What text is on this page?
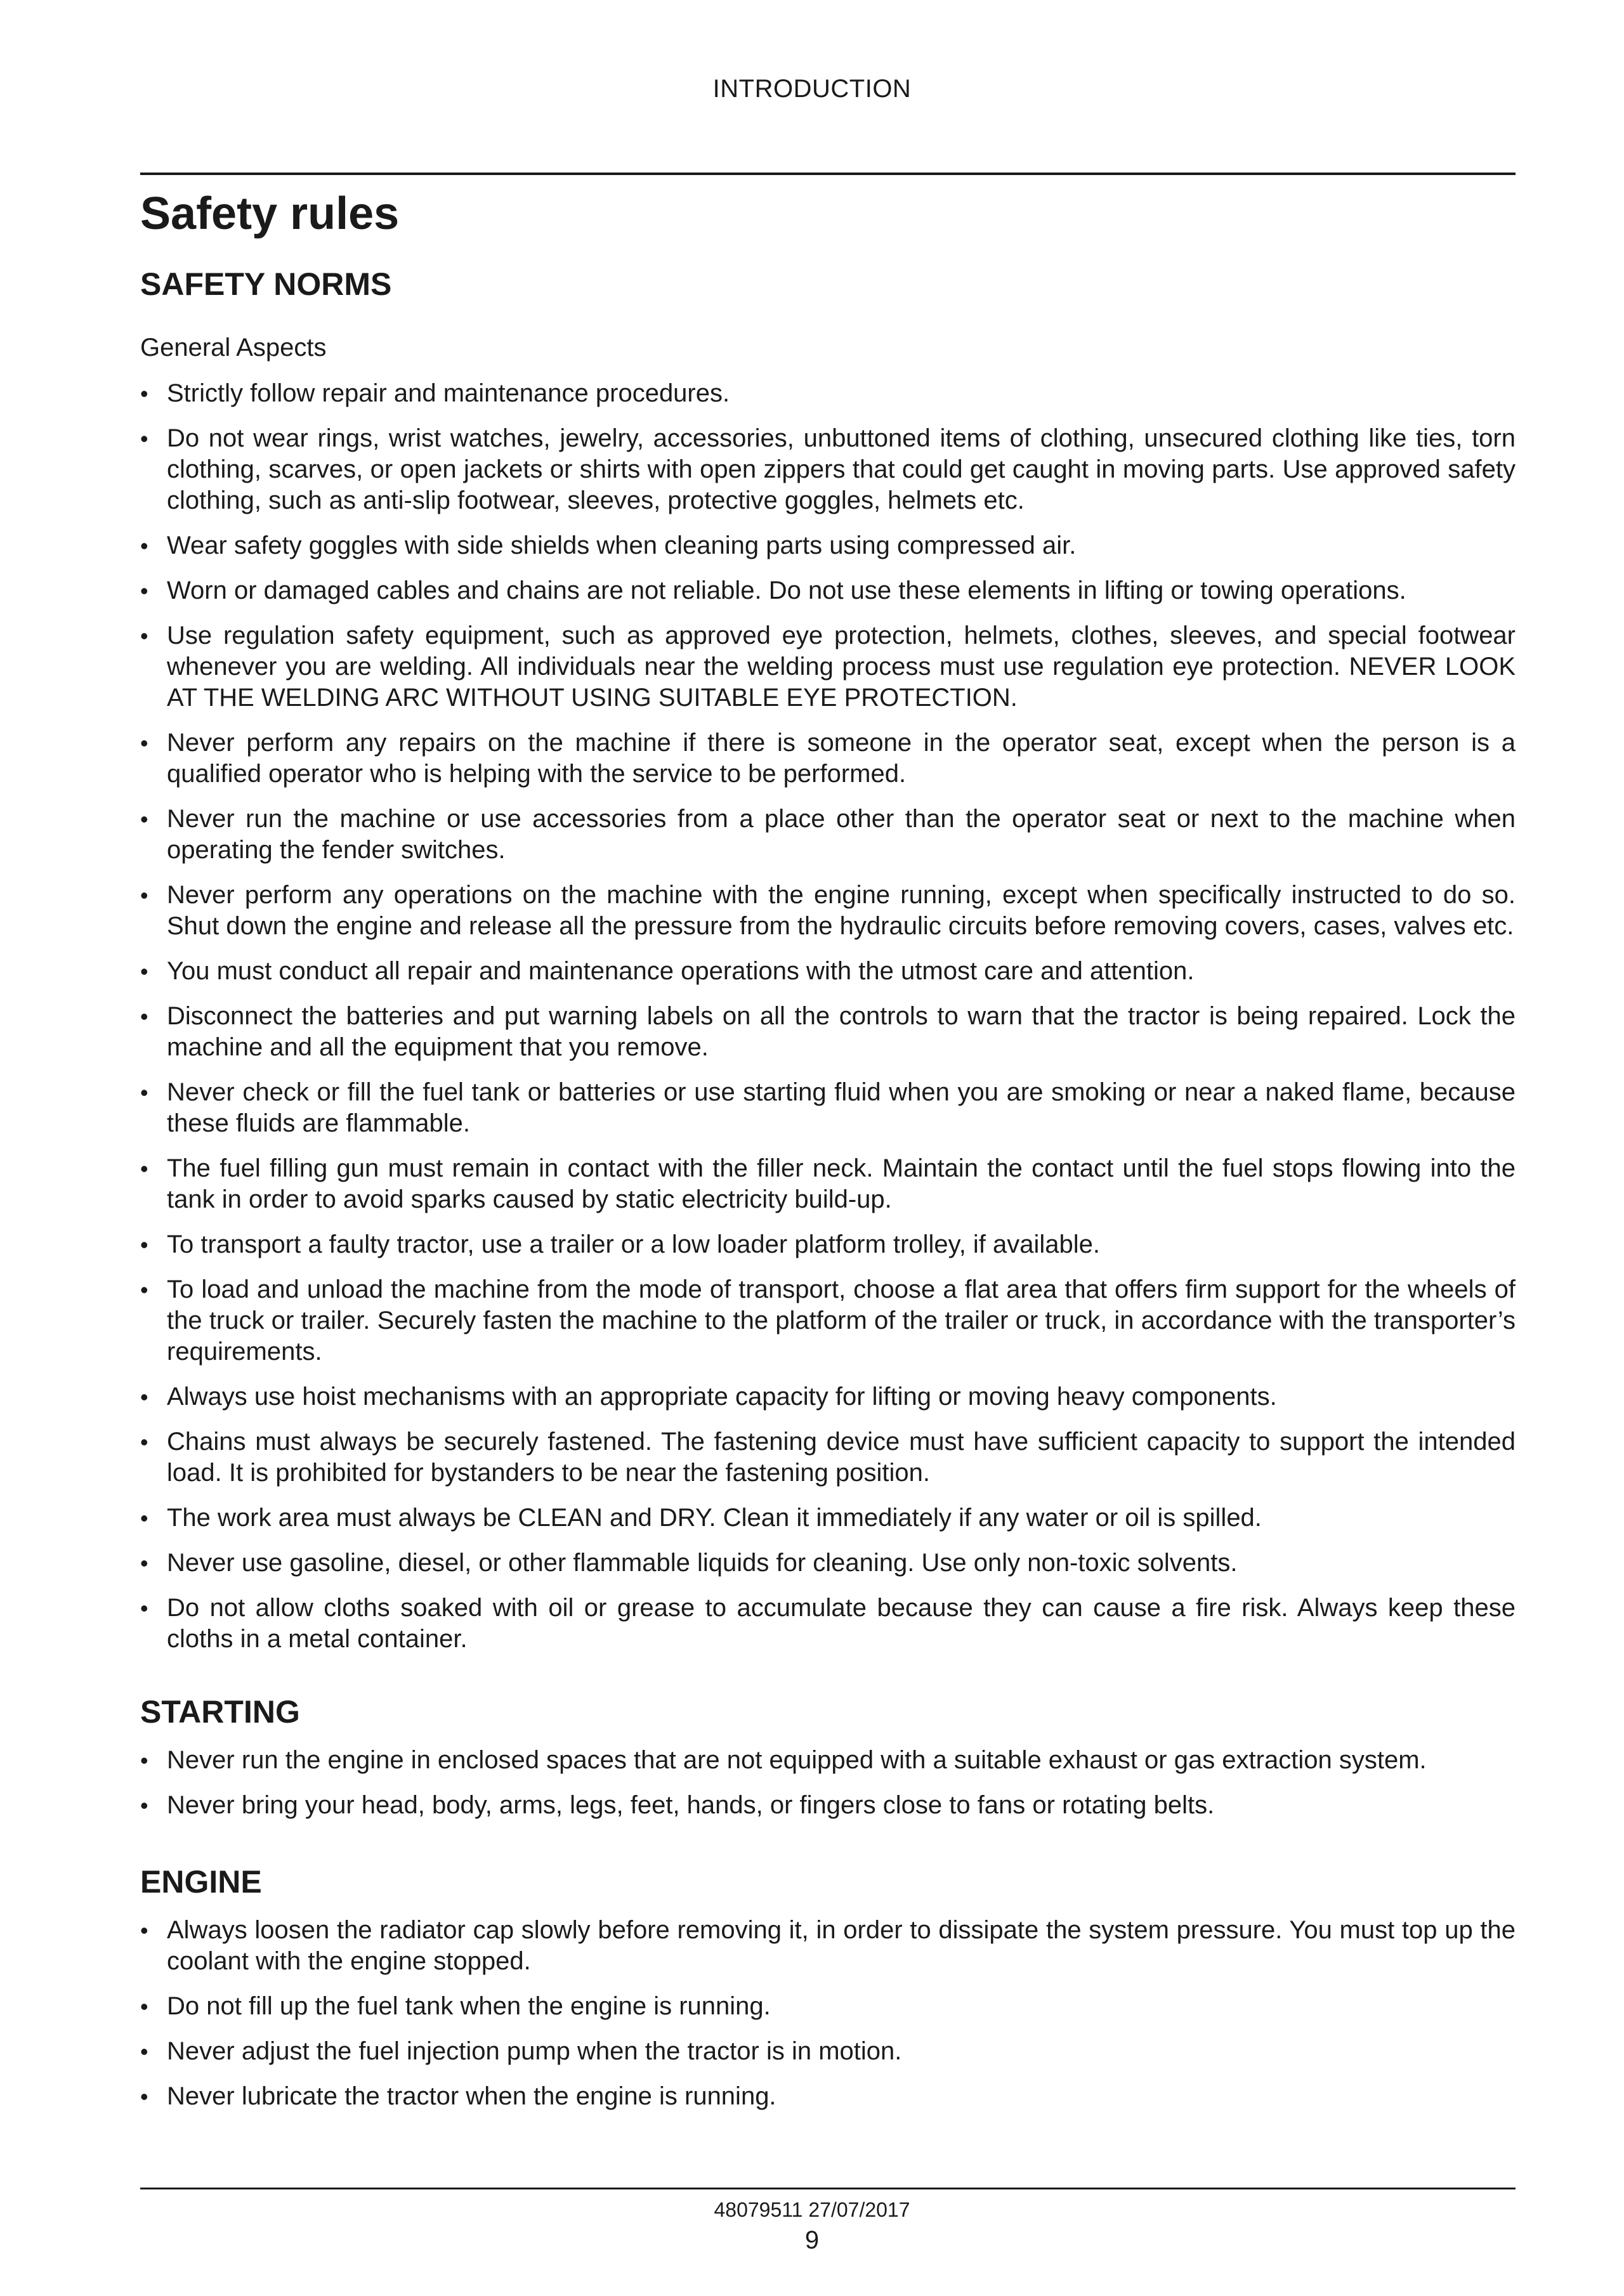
INTRODUCTION
Safety rules
SAFETY NORMS
General Aspects
• Strictly follow repair and maintenance procedures.
• Do not wear rings, wrist watches, jewelry, accessories, unbuttoned items of clothing, unsecured clothing like ties, torn clothing, scarves, or open jackets or shirts with open zippers that could get caught in moving parts. Use approved safety clothing, such as anti-slip footwear, sleeves, protective goggles, helmets etc.
• Wear safety goggles with side shields when cleaning parts using compressed air.
• Worn or damaged cables and chains are not reliable. Do not use these elements in lifting or towing operations.
• Use regulation safety equipment, such as approved eye protection, helmets, clothes, sleeves, and special footwear whenever you are welding. All individuals near the welding process must use regulation eye protection. NEVER LOOK AT THE WELDING ARC WITHOUT USING SUITABLE EYE PROTECTION.
• Never perform any repairs on the machine if there is someone in the operator seat, except when the person is a qualified operator who is helping with the service to be performed.
• Never run the machine or use accessories from a place other than the operator seat or next to the machine when operating the fender switches.
• Never perform any operations on the machine with the engine running, except when specifically instructed to do so. Shut down the engine and release all the pressure from the hydraulic circuits before removing covers, cases, valves etc.
• You must conduct all repair and maintenance operations with the utmost care and attention.
• Disconnect the batteries and put warning labels on all the controls to warn that the tractor is being repaired. Lock the machine and all the equipment that you remove.
• Never check or fill the fuel tank or batteries or use starting fluid when you are smoking or near a naked flame, because these fluids are flammable.
• The fuel filling gun must remain in contact with the filler neck. Maintain the contact until the fuel stops flowing into the tank in order to avoid sparks caused by static electricity build-up.
• To transport a faulty tractor, use a trailer or a low loader platform trolley, if available.
• To load and unload the machine from the mode of transport, choose a flat area that offers firm support for the wheels of the truck or trailer. Securely fasten the machine to the platform of the trailer or truck, in accordance with the transporter’s requirements.
• Always use hoist mechanisms with an appropriate capacity for lifting or moving heavy components.
• Chains must always be securely fastened. The fastening device must have sufficient capacity to support the intended load. It is prohibited for bystanders to be near the fastening position.
• The work area must always be CLEAN and DRY. Clean it immediately if any water or oil is spilled.
• Never use gasoline, diesel, or other flammable liquids for cleaning. Use only non-toxic solvents.
• Do not allow cloths soaked with oil or grease to accumulate because they can cause a fire risk. Always keep these cloths in a metal container.
STARTING
• Never run the engine in enclosed spaces that are not equipped with a suitable exhaust or gas extraction system.
• Never bring your head, body, arms, legs, feet, hands, or fingers close to fans or rotating belts.
ENGINE
• Always loosen the radiator cap slowly before removing it, in order to dissipate the system pressure. You must top up the coolant with the engine stopped.
• Do not fill up the fuel tank when the engine is running.
• Never adjust the fuel injection pump when the tractor is in motion.
• Never lubricate the tractor when the engine is running.
48079511 27/07/2017
9
